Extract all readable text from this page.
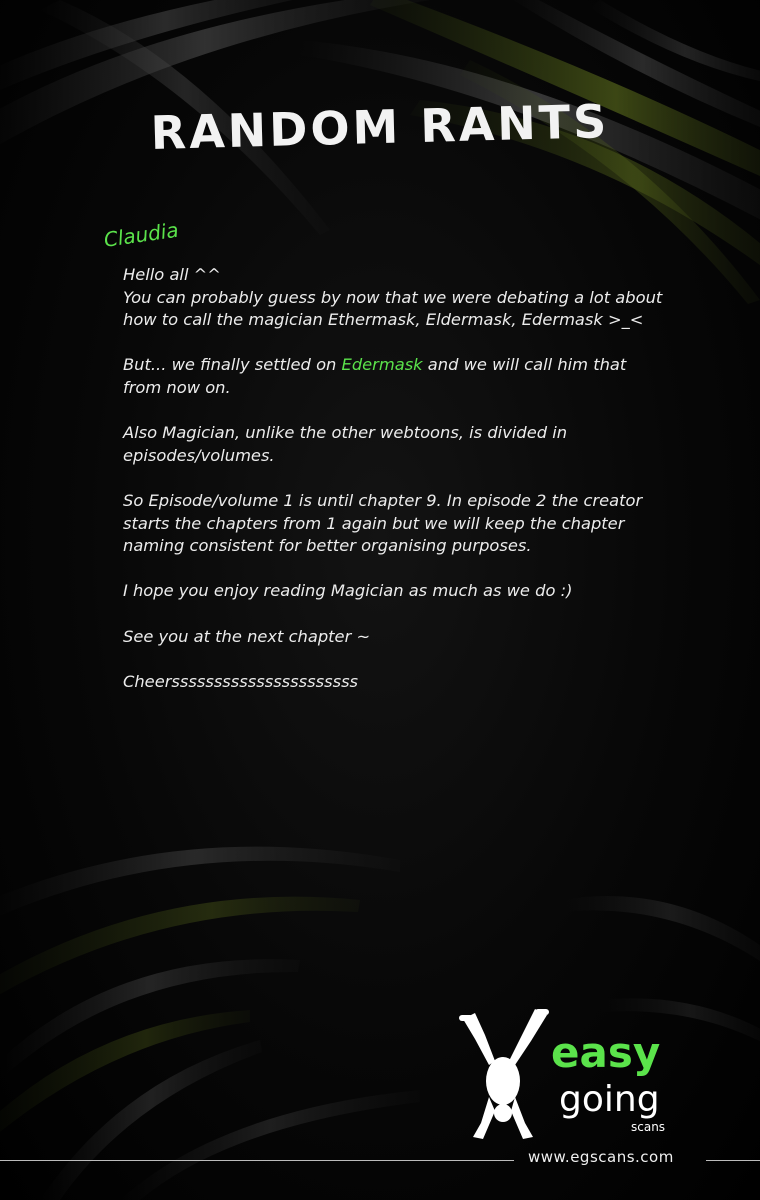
RANDOM RANTS
Claudia

Hello all ^^
You can probably guess by now that we were debating a lot about how to call the magician Ethermask, Eldermask, Edermask >_<

But... we finally settled on Edermask and we will call him that from now on.

Also Magician, unlike the other webtoons, is divided in episodes/volumes.

So Episode/volume 1 is until chapter 9. In episode 2 the creator starts the chapters from 1 again but we will keep the chapter naming consistent for better organising purposes.

I hope you enjoy reading Magician as much as we do :)

See you at the next chapter ~

Cheerssssssssssssssssssssss

easy
going
scans
www.egscans.com
